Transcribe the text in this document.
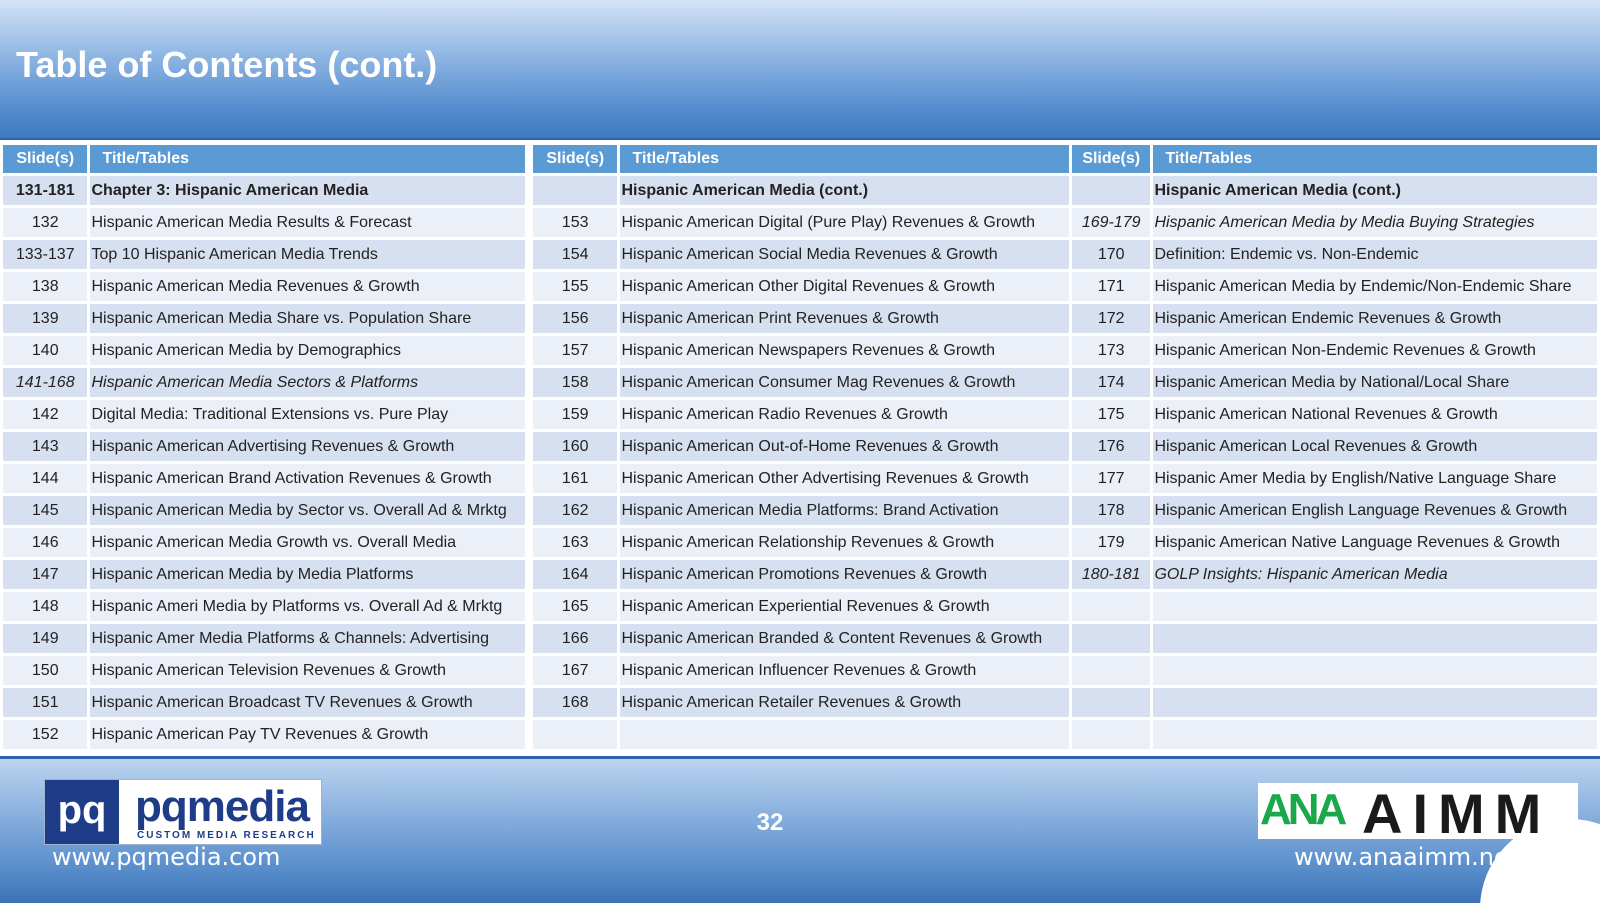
Table of Contents (cont.)
Slide(s)	Title/Tables
131-181	Chapter 3: Hispanic American Media
132	Hispanic American Media Results & Forecast
133-137	Top 10 Hispanic American Media Trends
138	Hispanic American Media Revenues & Growth
139	Hispanic American Media Share vs. Population Share
140	Hispanic American Media by Demographics
141-168	Hispanic American Media Sectors & Platforms
142	Digital Media: Traditional Extensions vs. Pure Play
143	Hispanic American Advertising Revenues & Growth
144	Hispanic American Brand Activation Revenues & Growth
145	Hispanic American Media by Sector vs. Overall Ad & Mrktg
146	Hispanic American Media Growth vs. Overall Media
147	Hispanic American Media by Media Platforms
148	Hispanic Ameri Media by Platforms vs. Overall Ad & Mrktg
149	Hispanic Amer Media Platforms & Channels: Advertising
150	Hispanic American Television Revenues & Growth
151	Hispanic American Broadcast TV Revenues & Growth
152	Hispanic American Pay TV Revenues & Growth
Slide(s)	Title/Tables
	Hispanic American Media (cont.)
153	Hispanic American Digital (Pure Play) Revenues & Growth
154	Hispanic American Social Media Revenues & Growth
155	Hispanic American Other Digital Revenues & Growth
156	Hispanic American Print Revenues & Growth
157	Hispanic American Newspapers Revenues & Growth
158	Hispanic American Consumer Mag Revenues & Growth
159	Hispanic American Radio Revenues & Growth
160	Hispanic American Out-of-Home Revenues & Growth
161	Hispanic American Other Advertising Revenues & Growth
162	Hispanic American Media Platforms: Brand Activation
163	Hispanic American Relationship Revenues & Growth
164	Hispanic American Promotions Revenues & Growth
165	Hispanic American Experiential Revenues & Growth
166	Hispanic American Branded & Content Revenues & Growth
167	Hispanic American Influencer Revenues & Growth
168	Hispanic American Retailer Revenues & Growth

Slide(s)	Title/Tables
	Hispanic American Media (cont.)
169-179	Hispanic American Media by Media Buying Strategies
170	Definition: Endemic vs. Non-Endemic
171	Hispanic American Media by Endemic/Non-Endemic Share
172	Hispanic American Endemic Revenues & Growth
173	Hispanic American Non-Endemic Revenues & Growth
174	Hispanic American Media by National/Local Share
175	Hispanic American National Revenues & Growth
176	Hispanic American Local Revenues & Growth
177	Hispanic Amer Media by English/Native Language Share
178	Hispanic American English Language Revenues & Growth
179	Hispanic American Native Language Revenues & Growth
180-181	GOLP Insights: Hispanic American Media

pq pqmedia
CUSTOM MEDIA RESEARCH
www.pqmedia.com
32	ANA AIMM
www.anaaimm.net
